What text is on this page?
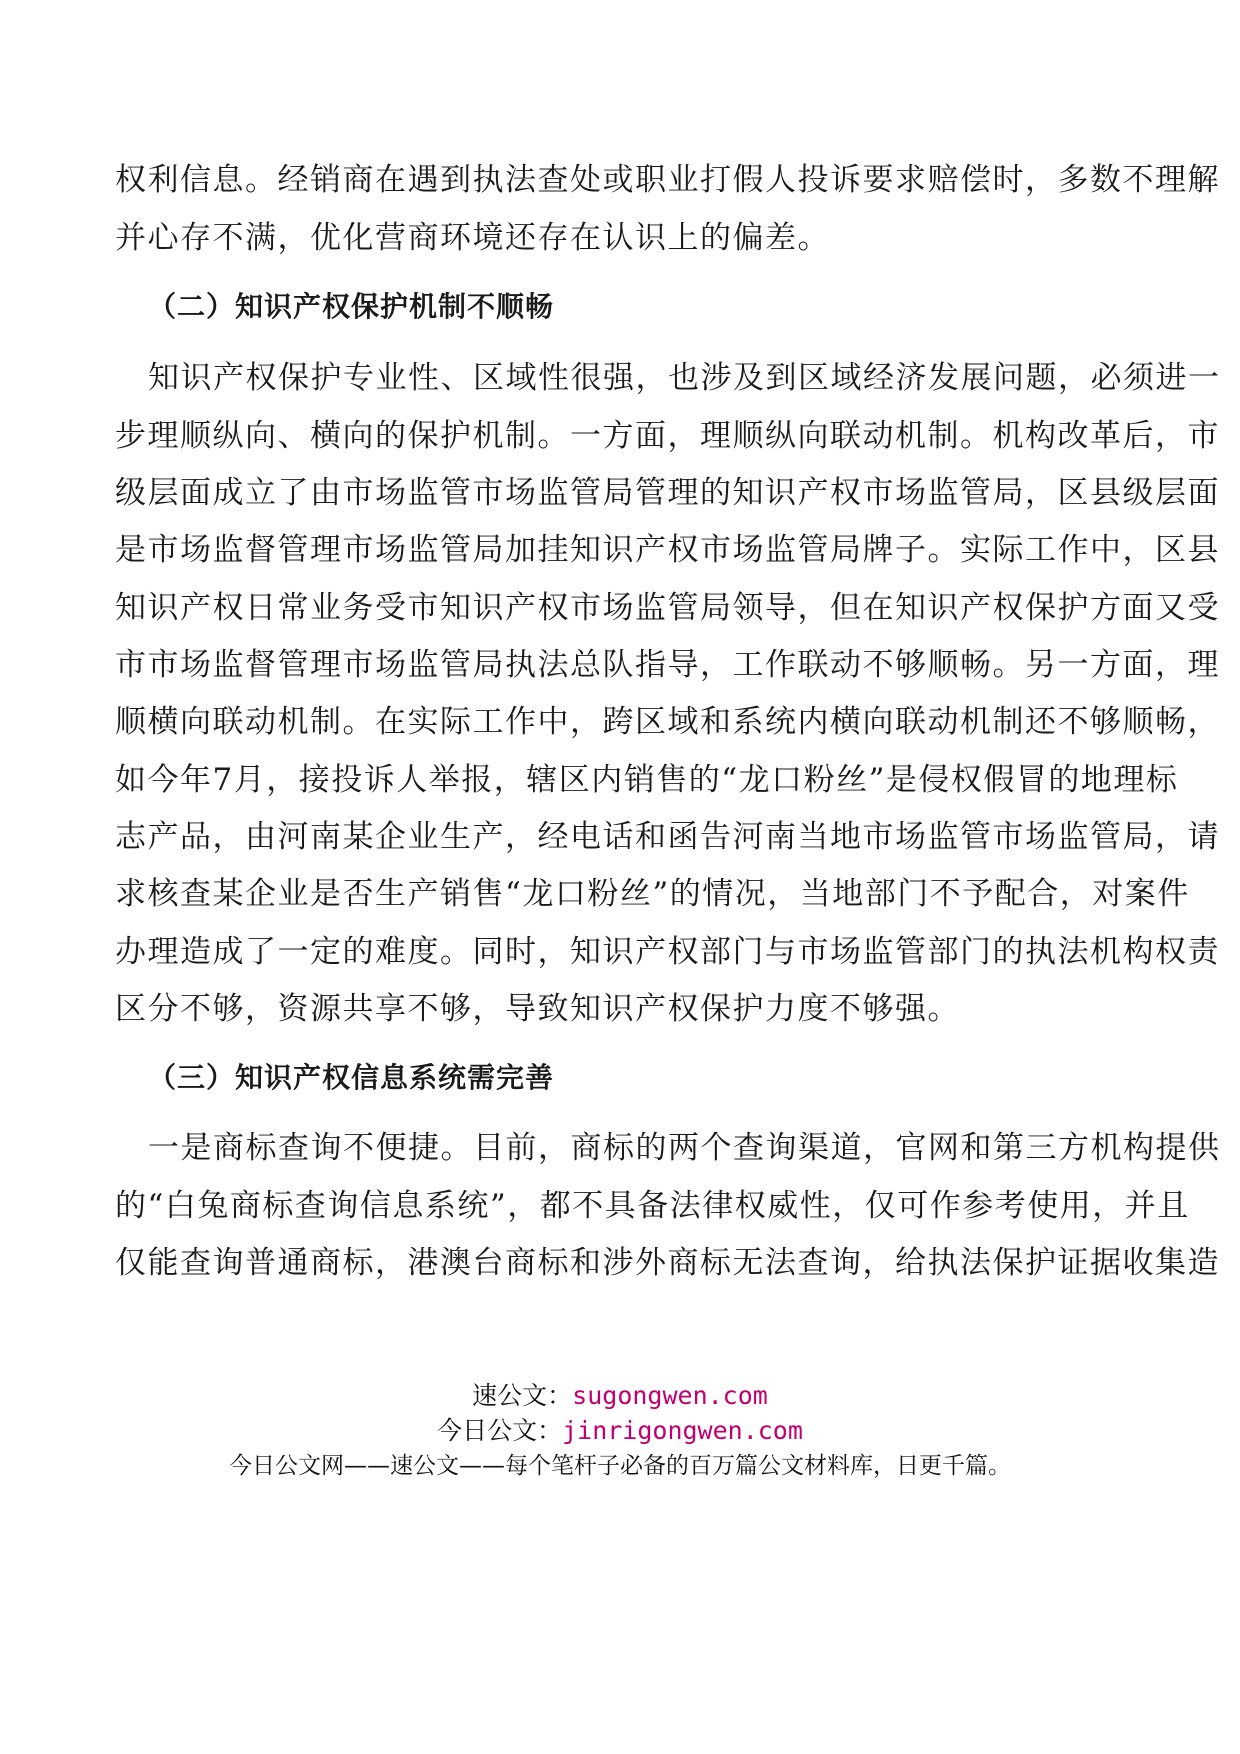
权利信息。经销商在遇到执法查处或职业打假人投诉要求赔偿时，多数不理解
并心存不满，优化营商环境还存在认识上的偏差。
（二）知识产权保护机制不顺畅
知识产权保护专业性、区域性很强，也涉及到区域经济发展问题，必须进一
步理顺纵向、横向的保护机制。一方面，理顺纵向联动机制。机构改革后，市
级层面成立了由市场监管市场监管局管理的知识产权市场监管局，区县级层面
是市场监督管理市场监管局加挂知识产权市场监管局牌子。实际工作中，区县
知识产权日常业务受市知识产权市场监管局领导，但在知识产权保护方面又受
市市场监督管理市场监管局执法总队指导，工作联动不够顺畅。另一方面，理
顺横向联动机制。在实际工作中，跨区域和系统内横向联动机制还不够顺畅，
如今年7月，接投诉人举报，辖区内销售的“龙口粉丝”是侵权假冒的地理标
志产品，由河南某企业生产，经电话和函告河南当地市场监管市场监管局，请
求核查某企业是否生产销售“龙口粉丝”的情况，当地部门不予配合，对案件
办理造成了一定的难度。同时，知识产权部门与市场监管部门的执法机构权责
区分不够，资源共享不够，导致知识产权保护力度不够强。
（三）知识产权信息系统需完善
一是商标查询不便捷。目前，商标的两个查询渠道，官网和第三方机构提供
的“白兔商标查询信息系统”，都不具备法律权威性，仅可作参考使用，并且
仅能查询普通商标，港澳台商标和涉外商标无法查询，给执法保护证据收集造
速公文：sugongwen.com
今日公文：jinrigongwen.com
今日公文网——速公文——每个笔杆子必备的百万篇公文材料库，日更千篇。
